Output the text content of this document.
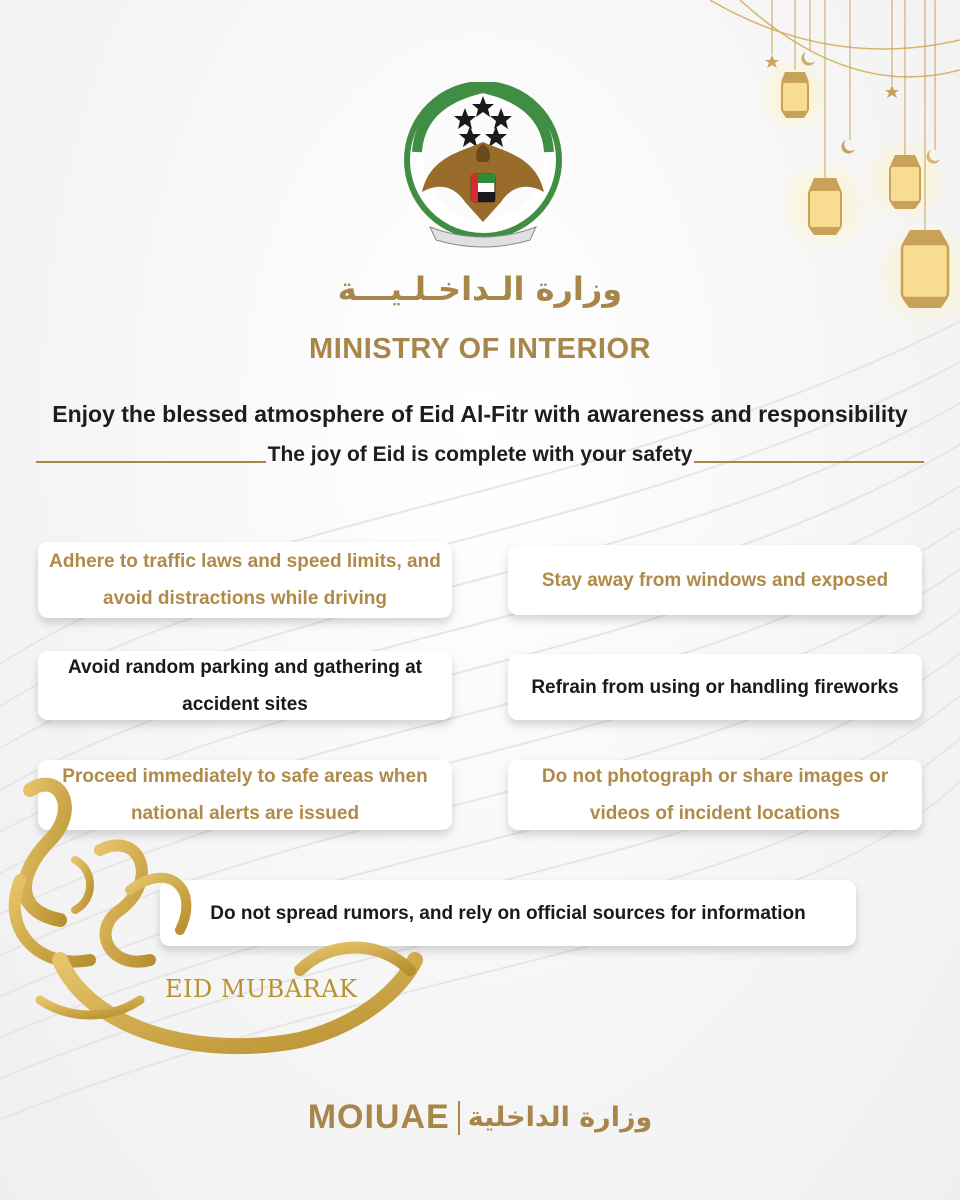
وزارة الـداخـلـيـــة
MINISTRY OF INTERIOR
Enjoy the blessed atmosphere of Eid Al-Fitr with awareness and responsibility
The joy of Eid is complete with your safety
Adhere to traffic laws and speed limits, and avoid distractions while driving
Stay away from windows and exposed
Avoid random parking and gathering at accident sites
Refrain from using or handling fireworks
Proceed immediately to safe areas when national alerts are issued
Do not photograph or share images or videos of incident locations
Do not spread rumors, and rely on official sources for information
EID MUBARAK
MOIUAE وزارة الداخلية
